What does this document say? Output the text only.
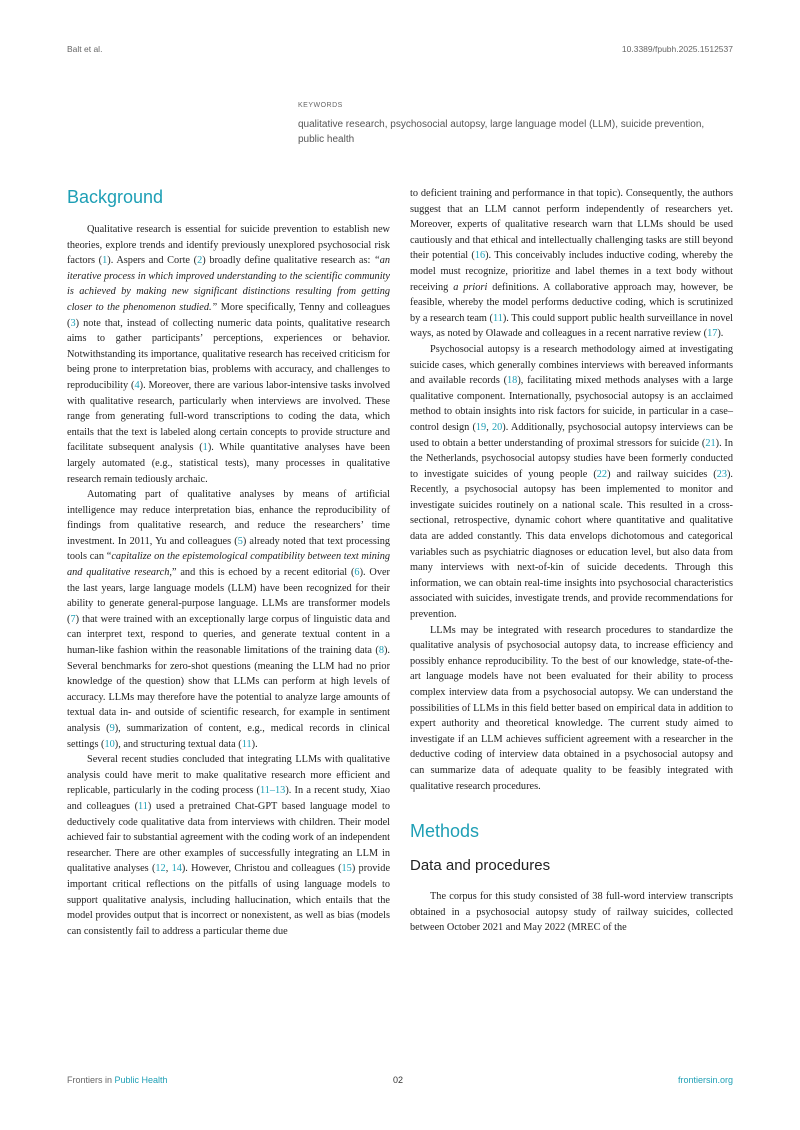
Balt et al.	10.3389/fpubh.2025.1512537
KEYWORDS
qualitative research, psychosocial autopsy, large language model (LLM), suicide prevention, public health
Background

Qualitative research is essential for suicide prevention to establish new theories, explore trends and identify previously unexplored psychosocial risk factors (1). Aspers and Corte (2) broadly define qualitative research as: “an iterative process in which improved understanding to the scientific community is achieved by making new significant distinctions resulting from getting closer to the phenomenon studied.” More specifically, Tenny and colleagues (3) note that, instead of collecting numeric data points, qualitative research aims to gather participants’ perceptions, experiences or behavior. Notwithstanding its importance, qualitative research has received criticism for being prone to interpretation bias, problems with accuracy, and challenges to reproducibility (4). Moreover, there are various labor-intensive tasks involved with qualitative research, particularly when interviews are involved. These range from generating full-word transcriptions to coding the data, which entails that the text is labeled along certain concepts to provide structure and facilitate subsequent analysis (1). While quantitative analyses have been largely automated (e.g., statistical tests), many processes in qualitative research remain tediously archaic.

Automating part of qualitative analyses by means of artificial intelligence may reduce interpretation bias, enhance the reproducibility of findings from qualitative research, and reduce the researchers’ time investment. In 2011, Yu and colleagues (5) already noted that text processing tools can “capitalize on the epistemological compatibility between text mining and qualitative research,” and this is echoed by a recent editorial (6). Over the last years, large language models (LLM) have been recognized for their ability to generate general-purpose language. LLMs are transformer models (7) that were trained with an exceptionally large corpus of linguistic data and can interpret text, respond to queries, and generate textual content in a human-like fashion within the reasonable limitations of the training data (8). Several benchmarks for zero-shot questions (meaning the LLM had no prior knowledge of the question) show that LLMs can perform at high levels of accuracy. LLMs may therefore have the potential to analyze large amounts of textual data in- and outside of scientific research, for example in sentiment analysis (9), summarization of content, e.g., medical records in clinical settings (10), and structuring textual data (11).

Several recent studies concluded that integrating LLMs with qualitative analysis could have merit to make qualitative research more efficient and replicable, particularly in the coding process (11–13). In a recent study, Xiao and colleagues (11) used a pretrained Chat-GPT based language model to deductively code qualitative data from interviews with children. Their model achieved fair to substantial agreement with the coding work of an independent researcher. There are other examples of successfully integrating an LLM in qualitative analyses (12, 14). However, Christou and colleagues (15) provide important critical reflections on the pitfalls of using language models to support qualitative analysis, including hallucination, which entails that the model provides output that is incorrect or nonexistent, as well as bias (models can consistently fail to address a particular theme due

to deficient training and performance in that topic). Consequently, the authors suggest that an LLM cannot perform independently of researchers yet. Moreover, experts of qualitative research warn that LLMs should be used cautiously and that ethical and intellectually challenging tasks are still beyond their potential (16). This conceivably includes inductive coding, whereby the model must recognize, prioritize and label themes in a text body without receiving a priori definitions. A collaborative approach may, however, be feasible, whereby the model performs deductive coding, which is scrutinized by a research team (11). This could support public health surveillance in novel ways, as noted by Olawade and colleagues in a recent narrative review (17).

Psychosocial autopsy is a research methodology aimed at investigating suicide cases, which generally combines interviews with bereaved informants and available records (18), facilitating mixed methods analyses with a large qualitative component. Internationally, psychosocial autopsy is an acclaimed method to obtain insights into risk factors for suicide, in particular in a case–control design (19, 20). Additionally, psychosocial autopsy interviews can be used to obtain a better understanding of proximal stressors for suicide (21). In the Netherlands, psychosocial autopsy studies have been formerly conducted to investigate suicides of young people (22) and railway suicides (23). Recently, a psychosocial autopsy has been implemented to monitor and investigate suicides routinely on a national scale. This resulted in a cross-sectional, retrospective, dynamic cohort where quantitative and qualitative data are added constantly. This data envelops dichotomous and categorical variables such as psychiatric diagnoses or education level, but also data from many interviews with next-of-kin of suicide decedents. Through this information, we can obtain real-time insights into psychosocial characteristics associated with suicides, investigate trends, and provide recommendations for prevention.

LLMs may be integrated with research procedures to standardize the qualitative analysis of psychosocial autopsy data, to increase efficiency and possibly enhance reproducibility. To the best of our knowledge, state-of-the-art language models have not been evaluated for their ability to process complex interview data from a psychosocial autopsy. We can understand the possibilities of LLMs in this field better based on empirical data in addition to expert authority and theoretical knowledge. The current study aimed to investigate if an LLM achieves sufficient agreement with a researcher in the deductive coding of interview data obtained in a psychosocial autopsy and can summarize data of adequate quality to be feasibly integrated with qualitative research procedures.

Methods
Data and procedures

The corpus for this study consisted of 38 full-word interview transcripts obtained in a psychosocial autopsy study of railway suicides, collected between October 2021 and May 2022 (MREC of the

Frontiers in Public Health	02	frontiersin.org
